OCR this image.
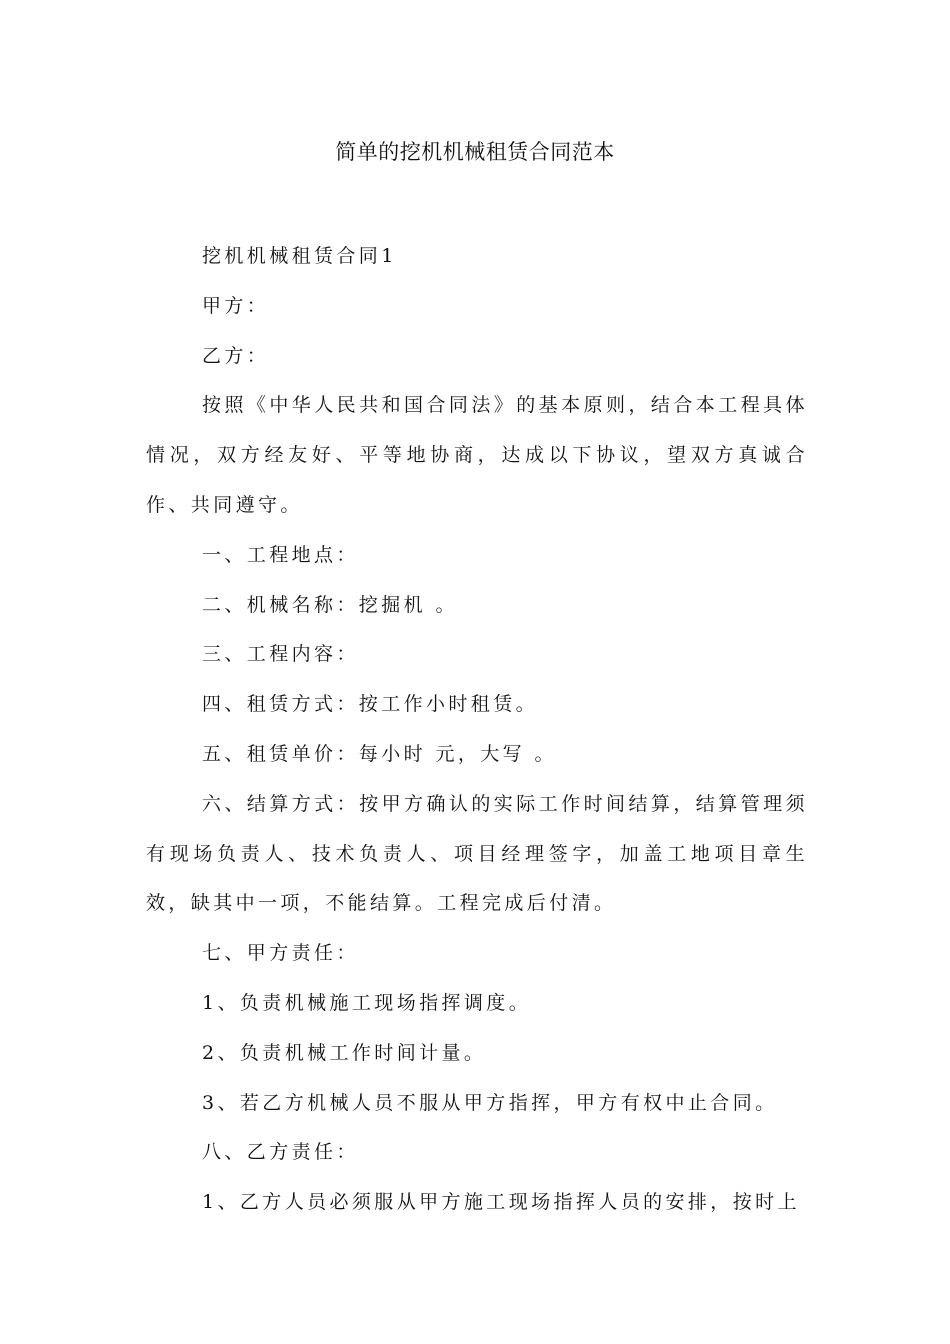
简单的挖机机械租赁合同范本

挖机机械租赁合同1

甲方：

乙方：

按照《中华人民共和国合同法》的基本原则，结合本工程具体情况，双方经友好、平等地协商，达成以下协议，望双方真诚合作、共同遵守。

一、工程地点：

二、机械名称：挖掘机 。

三、工程内容：

四、租赁方式：按工作小时租赁。

五、租赁单价：每小时 元，大写 。

六、结算方式：按甲方确认的实际工作时间结算，结算管理须有现场负责人、技术负责人、项目经理签字，加盖工地项目章生效，缺其中一项，不能结算。工程完成后付清。

七、甲方责任：

1、负责机械施工现场指挥调度。

2、负责机械工作时间计量。

3、若乙方机械人员不服从甲方指挥，甲方有权中止合同。

八、乙方责任：

1、乙方人员必须服从甲方施工现场指挥人员的安排，按时上
